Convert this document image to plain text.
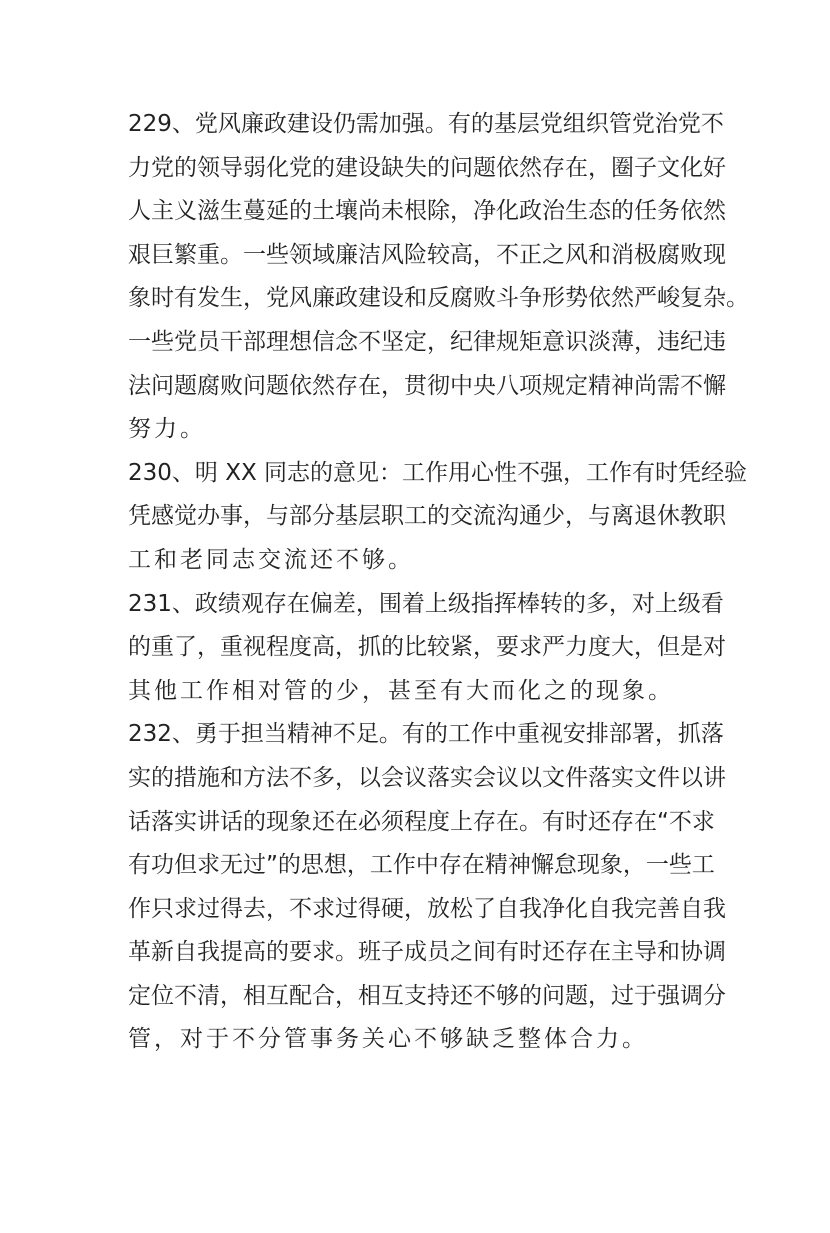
229、党风廉政建设仍需加强。有的基层党组织管党治党不
力党的领导弱化党的建设缺失的问题依然存在，圈子文化好
人主义滋生蔓延的土壤尚未根除，净化政治生态的任务依然
艰巨繁重。一些领域廉洁风险较高，不正之风和消极腐败现
象时有发生，党风廉政建设和反腐败斗争形势依然严峻复杂。
一些党员干部理想信念不坚定，纪律规矩意识淡薄，违纪违
法问题腐败问题依然存在，贯彻中央八项规定精神尚需不懈
努力。
230、明 XX 同志的意见：工作用心性不强，工作有时凭经验
凭感觉办事，与部分基层职工的交流沟通少，与离退休教职
工和老同志交流还不够。
231、政绩观存在偏差，围着上级指挥棒转的多，对上级看
的重了，重视程度高，抓的比较紧，要求严力度大，但是对
其他工作相对管的少，甚至有大而化之的现象。
232、勇于担当精神不足。有的工作中重视安排部署，抓落
实的措施和方法不多，以会议落实会议以文件落实文件以讲
话落实讲话的现象还在必须程度上存在。有时还存在“不求
有功但求无过”的思想，工作中存在精神懈怠现象，一些工
作只求过得去，不求过得硬，放松了自我净化自我完善自我
革新自我提高的要求。班子成员之间有时还存在主导和协调
定位不清，相互配合，相互支持还不够的问题，过于强调分
管，对于不分管事务关心不够缺乏整体合力。
